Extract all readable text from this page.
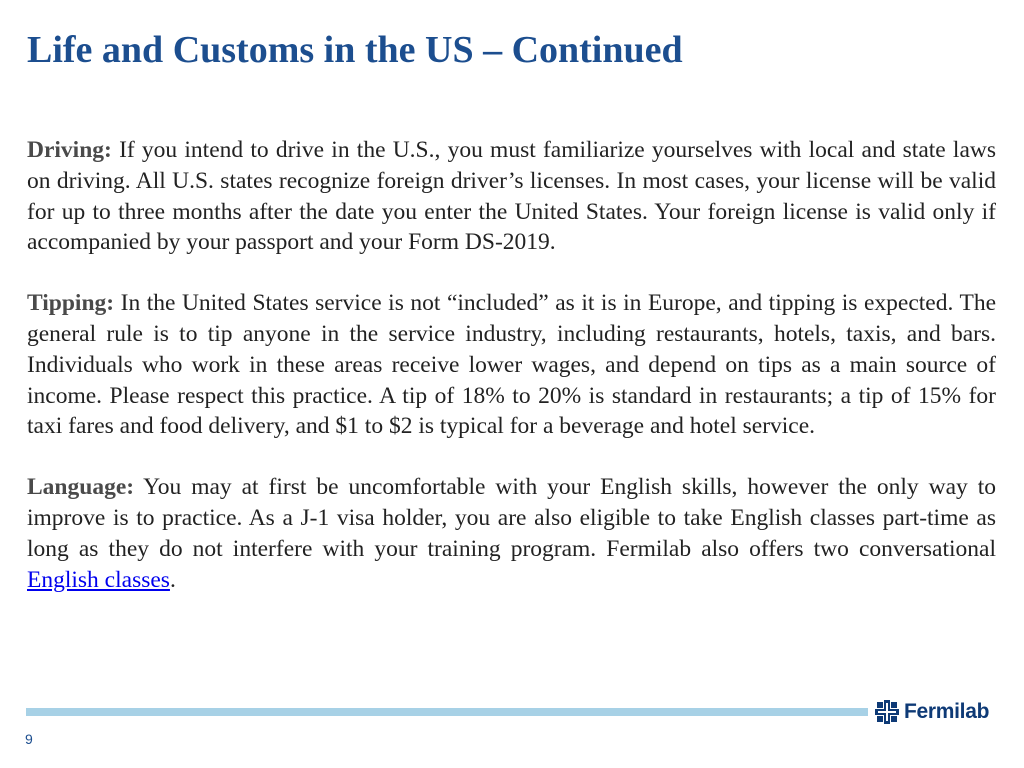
Life and Customs in the US – Continued

Driving: If you intend to drive in the U.S., you must familiarize yourselves with local and state laws on driving. All U.S. states recognize foreign driver’s licenses. In most cases, your license will be valid for up to three months after the date you enter the United States. Your foreign license is valid only if accompanied by your passport and your Form DS-2019.

Tipping: In the United States service is not “included” as it is in Europe, and tipping is expected. The general rule is to tip anyone in the service industry, including restaurants, hotels, taxis, and bars. Individuals who work in these areas receive lower wages, and depend on tips as a main source of income. Please respect this practice. A tip of 18% to 20% is standard in restaurants; a tip of 15% for taxi fares and food delivery, and $1 to $2 is typical for a beverage and hotel service.

Language: You may at first be uncomfortable with your English skills, however the only way to improve is to practice. As a J-1 visa holder, you are also eligible to take English classes part-time as long as they do not interfere with your training program. Fermilab also offers two conversational English classes.

Fermilab
9
